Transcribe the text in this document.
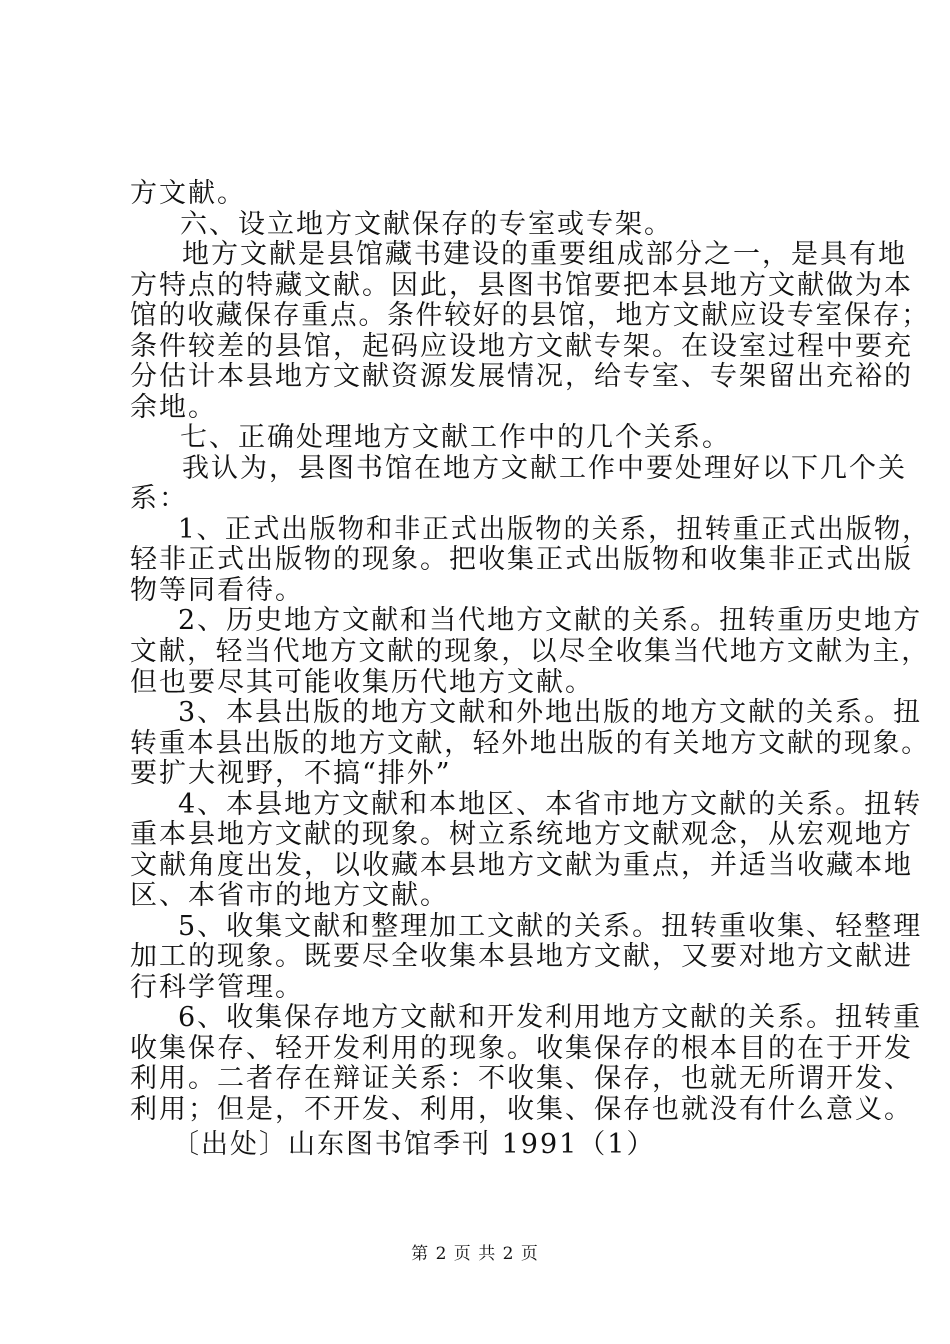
方文献。
六、设立地方文献保存的专室或专架。
地方文献是县馆藏书建设的重要组成部分之一，是具有地
方特点的特藏文献。因此，县图书馆要把本县地方文献做为本
馆的收藏保存重点。条件较好的县馆，地方文献应设专室保存；
条件较差的县馆，起码应设地方文献专架。在设室过程中要充
分估计本县地方文献资源发展情况，给专室、专架留出充裕的
余地。
七、正确处理地方文献工作中的几个关系。
我认为，县图书馆在地方文献工作中要处理好以下几个关
系：
1、正式出版物和非正式出版物的关系，扭转重正式出版物，
轻非正式出版物的现象。把收集正式出版物和收集非正式出版
物等同看待。
2、历史地方文献和当代地方文献的关系。扭转重历史地方
文献，轻当代地方文献的现象，以尽全收集当代地方文献为主，
但也要尽其可能收集历代地方文献。
3、本县出版的地方文献和外地出版的地方文献的关系。扭
转重本县出版的地方文献，轻外地出版的有关地方文献的现象。
要扩大视野，不搞“排外”
4、本县地方文献和本地区、本省市地方文献的关系。扭转
重本县地方文献的现象。树立系统地方文献观念，从宏观地方
文献角度出发，以收藏本县地方文献为重点，并适当收藏本地
区、本省市的地方文献。
5、收集文献和整理加工文献的关系。扭转重收集、轻整理
加工的现象。既要尽全收集本县地方文献，又要对地方文献进
行科学管理。
6、收集保存地方文献和开发利用地方文献的关系。扭转重
收集保存、轻开发利用的现象。收集保存的根本目的在于开发
利用。二者存在辩证关系：不收集、保存，也就无所谓开发、
利用；但是，不开发、利用，收集、保存也就没有什么意义。
〔出处〕山东图书馆季刊 1991（1）
第 2 页 共 2 页
